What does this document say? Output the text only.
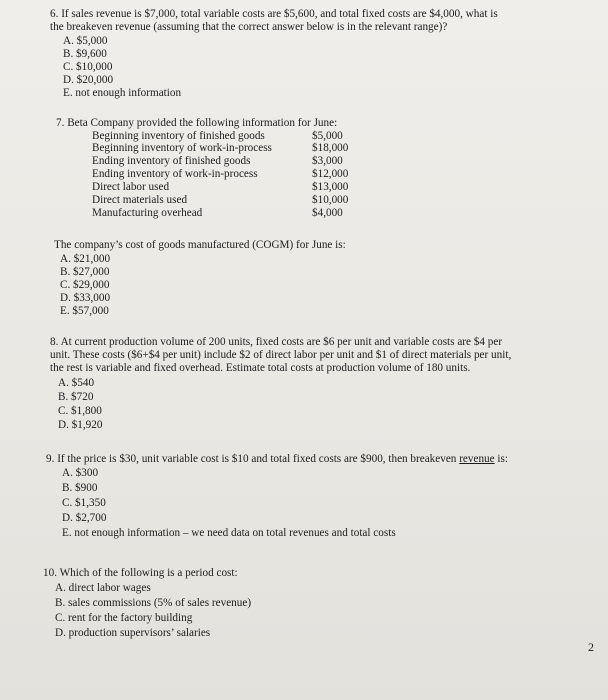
6. If sales revenue is $7,000, total variable costs are $5,600, and total fixed costs are $4,000, what is
the breakeven revenue (assuming that the correct answer below is in the relevant range)?
A. $5,000
B. $9,600
C. $10,000
D. $20,000
E. not enough information
7. Beta Company provided the following information for June:
Beginning inventory of finished goods	$5,000
Beginning inventory of work-in-process	$18,000
Ending inventory of finished goods	$3,000
Ending inventory of work-in-process	$12,000
Direct labor used	$13,000
Direct materials used	$10,000
Manufacturing overhead	$4,000
The company’s cost of goods manufactured (COGM) for June is:
A. $21,000
B. $27,000
C. $29,000
D. $33,000
E. $57,000
8. At current production volume of 200 units, fixed costs are $6 per unit and variable costs are $4 per
unit. These costs ($6+$4 per unit) include $2 of direct labor per unit and $1 of direct materials per unit,
the rest is variable and fixed overhead. Estimate total costs at production volume of 180 units.
A. $540
B. $720
C. $1,800
D. $1,920
9. If the price is $30, unit variable cost is $10 and total fixed costs are $900, then breakeven revenue is:
A. $300
B. $900
C. $1,350
D. $2,700
E. not enough information – we need data on total revenues and total costs
10. Which of the following is a period cost:
A. direct labor wages
B. sales commissions (5% of sales revenue)
C. rent for the factory building
D. production supervisors’ salaries
2
